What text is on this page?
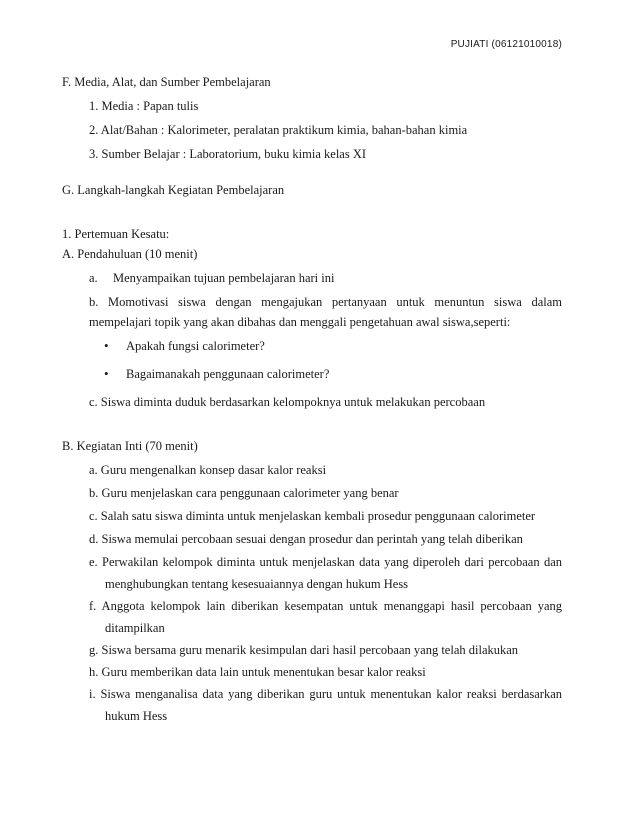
PUJIATI (06121010018)
F. Media, Alat, dan Sumber Pembelajaran
1. Media : Papan tulis
2. Alat/Bahan : Kalorimeter, peralatan praktikum kimia, bahan-bahan kimia
3. Sumber Belajar : Laboratorium, buku kimia kelas XI
G. Langkah-langkah Kegiatan Pembelajaran
1. Pertemuan Kesatu:
A. Pendahuluan (10 menit)
a. Menyampaikan tujuan pembelajaran hari ini
b. Momotivasi siswa dengan mengajukan pertanyaan untuk menuntun siswa dalam
mempelajari topik yang akan dibahas dan menggali pengetahuan awal siswa,seperti:
• Apakah fungsi calorimeter?
• Bagaimanakah penggunaan calorimeter?
c. Siswa diminta duduk berdasarkan kelompoknya untuk melakukan percobaan
B. Kegiatan Inti (70 menit)
a. Guru mengenalkan konsep dasar kalor reaksi
b. Guru menjelaskan cara penggunaan calorimeter yang benar
c. Salah satu siswa diminta untuk menjelaskan kembali prosedur penggunaan calorimeter
d. Siswa memulai percobaan sesuai dengan prosedur dan perintah yang telah diberikan
e. Perwakilan kelompok diminta untuk menjelaskan data yang diperoleh dari percobaan dan
menghubungkan tentang kesesuaiannya dengan hukum Hess
f. Anggota kelompok lain diberikan kesempatan untuk menanggapi hasil percobaan yang
ditampilkan
g. Siswa bersama guru menarik kesimpulan dari hasil percobaan yang telah dilakukan
h. Guru memberikan data lain untuk menentukan besar kalor reaksi
i. Siswa menganalisa data yang diberikan guru untuk menentukan kalor reaksi berdasarkan
hukum Hess
